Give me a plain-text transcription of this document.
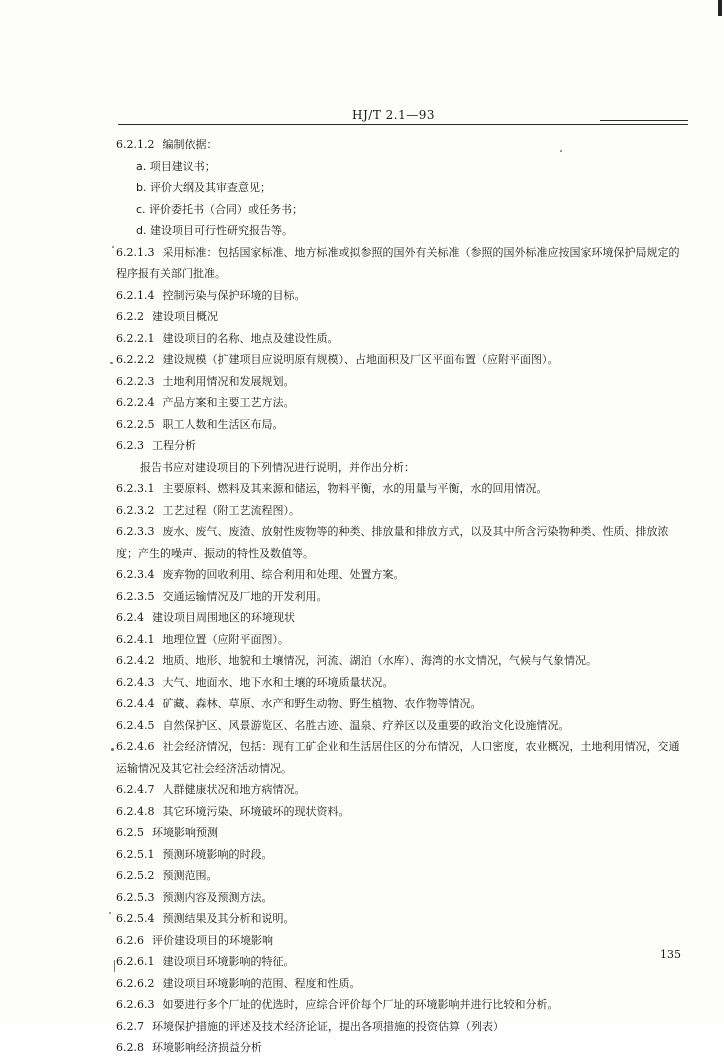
HJ/T 2.1—93
6.2.1.2 编制依据：
a. 项目建议书；
b. 评价大纲及其审查意见；
c. 评价委托书（合同）或任务书；
d. 建设项目可行性研究报告等。
6.2.1.3 采用标准：包括国家标准、地方标准或拟参照的国外有关标准（参照的国外标准应按国家环境保护局规定的程序报有关部门批准。
6.2.1.4 控制污染与保护环境的目标。
6.2.2 建设项目概况
6.2.2.1 建设项目的名称、地点及建设性质。
6.2.2.2 建设规模（扩建项目应说明原有规模）、占地面积及厂区平面布置（应附平面图）。
6.2.2.3 土地利用情况和发展规划。
6.2.2.4 产品方案和主要工艺方法。
6.2.2.5 职工人数和生活区布局。
6.2.3 工程分析
报告书应对建设项目的下列情况进行说明，并作出分析：
6.2.3.1 主要原料、燃料及其来源和储运，物料平衡，水的用量与平衡，水的回用情况。
6.2.3.2 工艺过程（附工艺流程图）。
6.2.3.3 废水、废气、废渣、放射性废物等的种类、排放量和排放方式，以及其中所含污染物种类、性质、排放浓度；产生的噪声、振动的特性及数值等。
6.2.3.4 废弃物的回收利用、综合利用和处理、处置方案。
6.2.3.5 交通运输情况及厂地的开发利用。
6.2.4 建设项目周围地区的环境现状
6.2.4.1 地理位置（应附平面图）。
6.2.4.2 地质、地形、地貌和土壤情况，河流、湖泊（水库）、海湾的水文情况，气候与气象情况。
6.2.4.3 大气、地面水、地下水和土壤的环境质量状况。
6.2.4.4 矿藏、森林、草原、水产和野生动物、野生植物、农作物等情况。
6.2.4.5 自然保护区、风景游览区、名胜古迹、温泉、疗养区以及重要的政治文化设施情况。
6.2.4.6 社会经济情况，包括：现有工矿企业和生活居住区的分布情况，人口密度，农业概况，土地利用情况，交通运输情况及其它社会经济活动情况。
6.2.4.7 人群健康状况和地方病情况。
6.2.4.8 其它环境污染、环境破坏的现状资料。
6.2.5 环境影响预测
6.2.5.1 预测环境影响的时段。
6.2.5.2 预测范围。
6.2.5.3 预测内容及预测方法。
6.2.5.4 预测结果及其分析和说明。
6.2.6 评价建设项目的环境影响
6.2.6.1 建设项目环境影响的特征。
6.2.6.2 建设项目环境影响的范围、程度和性质。
6.2.6.3 如要进行多个厂址的优选时，应综合评价每个厂址的环境影响并进行比较和分析。
6.2.7 环境保护措施的评述及技术经济论证，提出各项措施的投资估算（列表）
6.2.8 环境影响经济损益分析
135
